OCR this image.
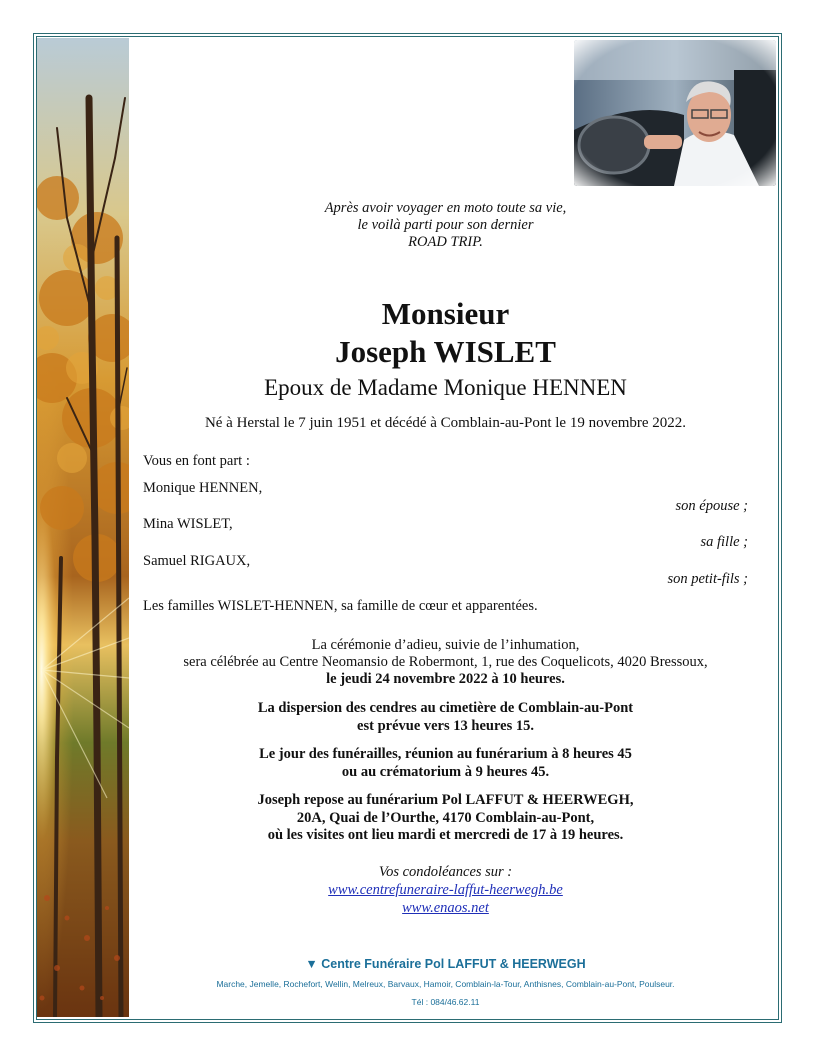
Après avoir voyager en moto toute sa vie,
le voilà parti pour son dernier
ROAD TRIP.
Monsieur
Joseph WISLET
Epoux de Madame Monique HENNEN
Né à Herstal le 7 juin 1951 et décédé à Comblain-au-Pont le 19 novembre 2022.
Vous en font part :
Monique HENNEN,
son épouse ;
Mina WISLET,
sa fille ;
Samuel RIGAUX,
son petit-fils ;
Les familles WISLET-HENNEN, sa famille de cœur et apparentées.
La cérémonie d’adieu, suivie de l’inhumation,
sera célébrée au Centre Neomansio de Robermont, 1, rue des Coquelicots, 4020 Bressoux,
le jeudi 24 novembre 2022 à 10 heures.
La dispersion des cendres au cimetière de Comblain-au-Pont
est prévue vers 13 heures 15.
Le jour des funérailles, réunion au funérarium à 8 heures 45
ou au crématorium à 9 heures 45.
Joseph repose au funérarium Pol LAFFUT & HEERWEGH,
20A, Quai de l’Ourthe, 4170 Comblain-au-Pont,
où les visites ont lieu mardi et mercredi de 17 à 19 heures.
Vos condoléances sur :
www.centrefuneraire-laffut-heerwegh.be
www.enaos.net
▼ Centre Funéraire Pol LAFFUT & HEERWEGH
Marche, Jemelle, Rochefort, Wellin, Melreux, Barvaux, Hamoir, Comblain-la-Tour, Anthisnes, Comblain-au-Pont, Poulseur.
Tél : 084/46.62.11
